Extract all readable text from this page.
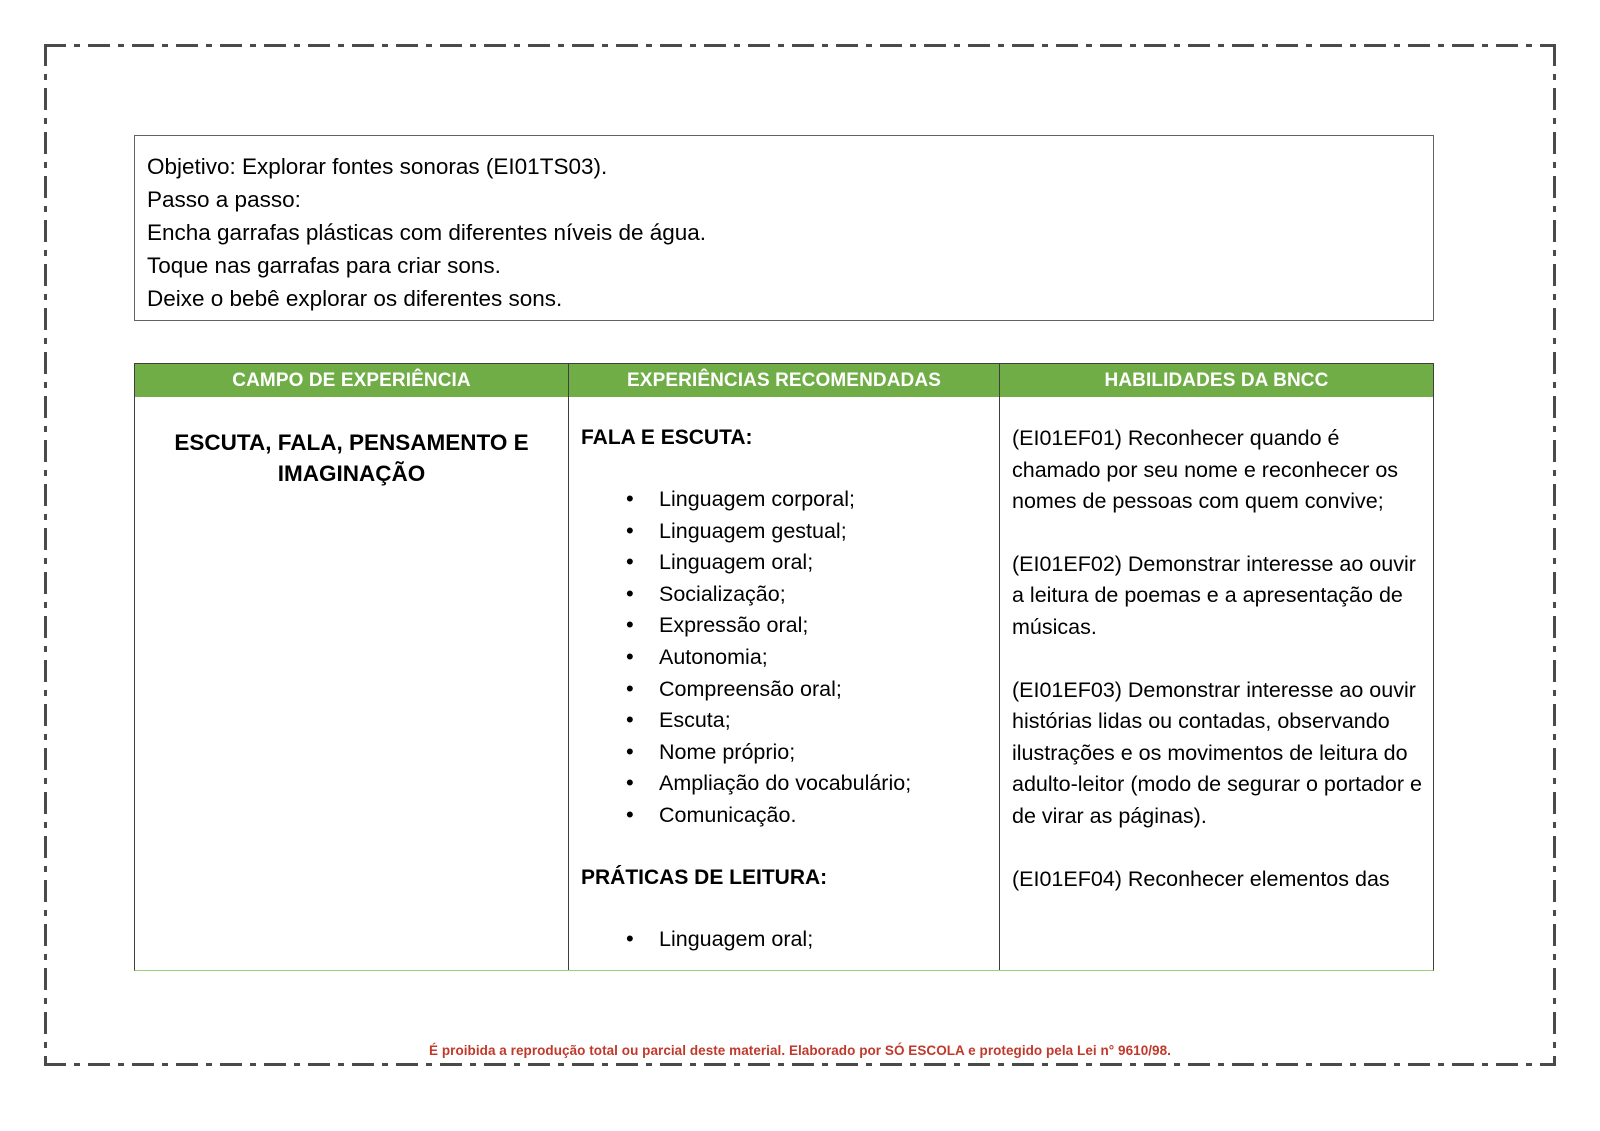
Objetivo: Explorar fontes sonoras (EI01TS03).
Passo a passo:
Encha garrafas plásticas com diferentes níveis de água.
Toque nas garrafas para criar sons.
Deixe o bebê explorar os diferentes sons.
CAMPO DE EXPERIÊNCIA	EXPERIÊNCIAS RECOMENDADAS	HABILIDADES DA BNCC
ESCUTA, FALA, PENSAMENTO E IMAGINAÇÃO
FALA E ESCUTA:
• Linguagem corporal;
• Linguagem gestual;
• Linguagem oral;
• Socialização;
• Expressão oral;
• Autonomia;
• Compreensão oral;
• Escuta;
• Nome próprio;
• Ampliação do vocabulário;
• Comunicação.
PRÁTICAS DE LEITURA:
• Linguagem oral;
(EI01EF01) Reconhecer quando é chamado por seu nome e reconhecer os nomes de pessoas com quem convive;
(EI01EF02) Demonstrar interesse ao ouvir a leitura de poemas e a apresentação de músicas.
(EI01EF03) Demonstrar interesse ao ouvir histórias lidas ou contadas, observando ilustrações e os movimentos de leitura do adulto-leitor (modo de segurar o portador e de virar as páginas).
(EI01EF04) Reconhecer elementos das
É proibida a reprodução total ou parcial deste material. Elaborado por SÓ ESCOLA e protegido pela Lei n° 9610/98.
